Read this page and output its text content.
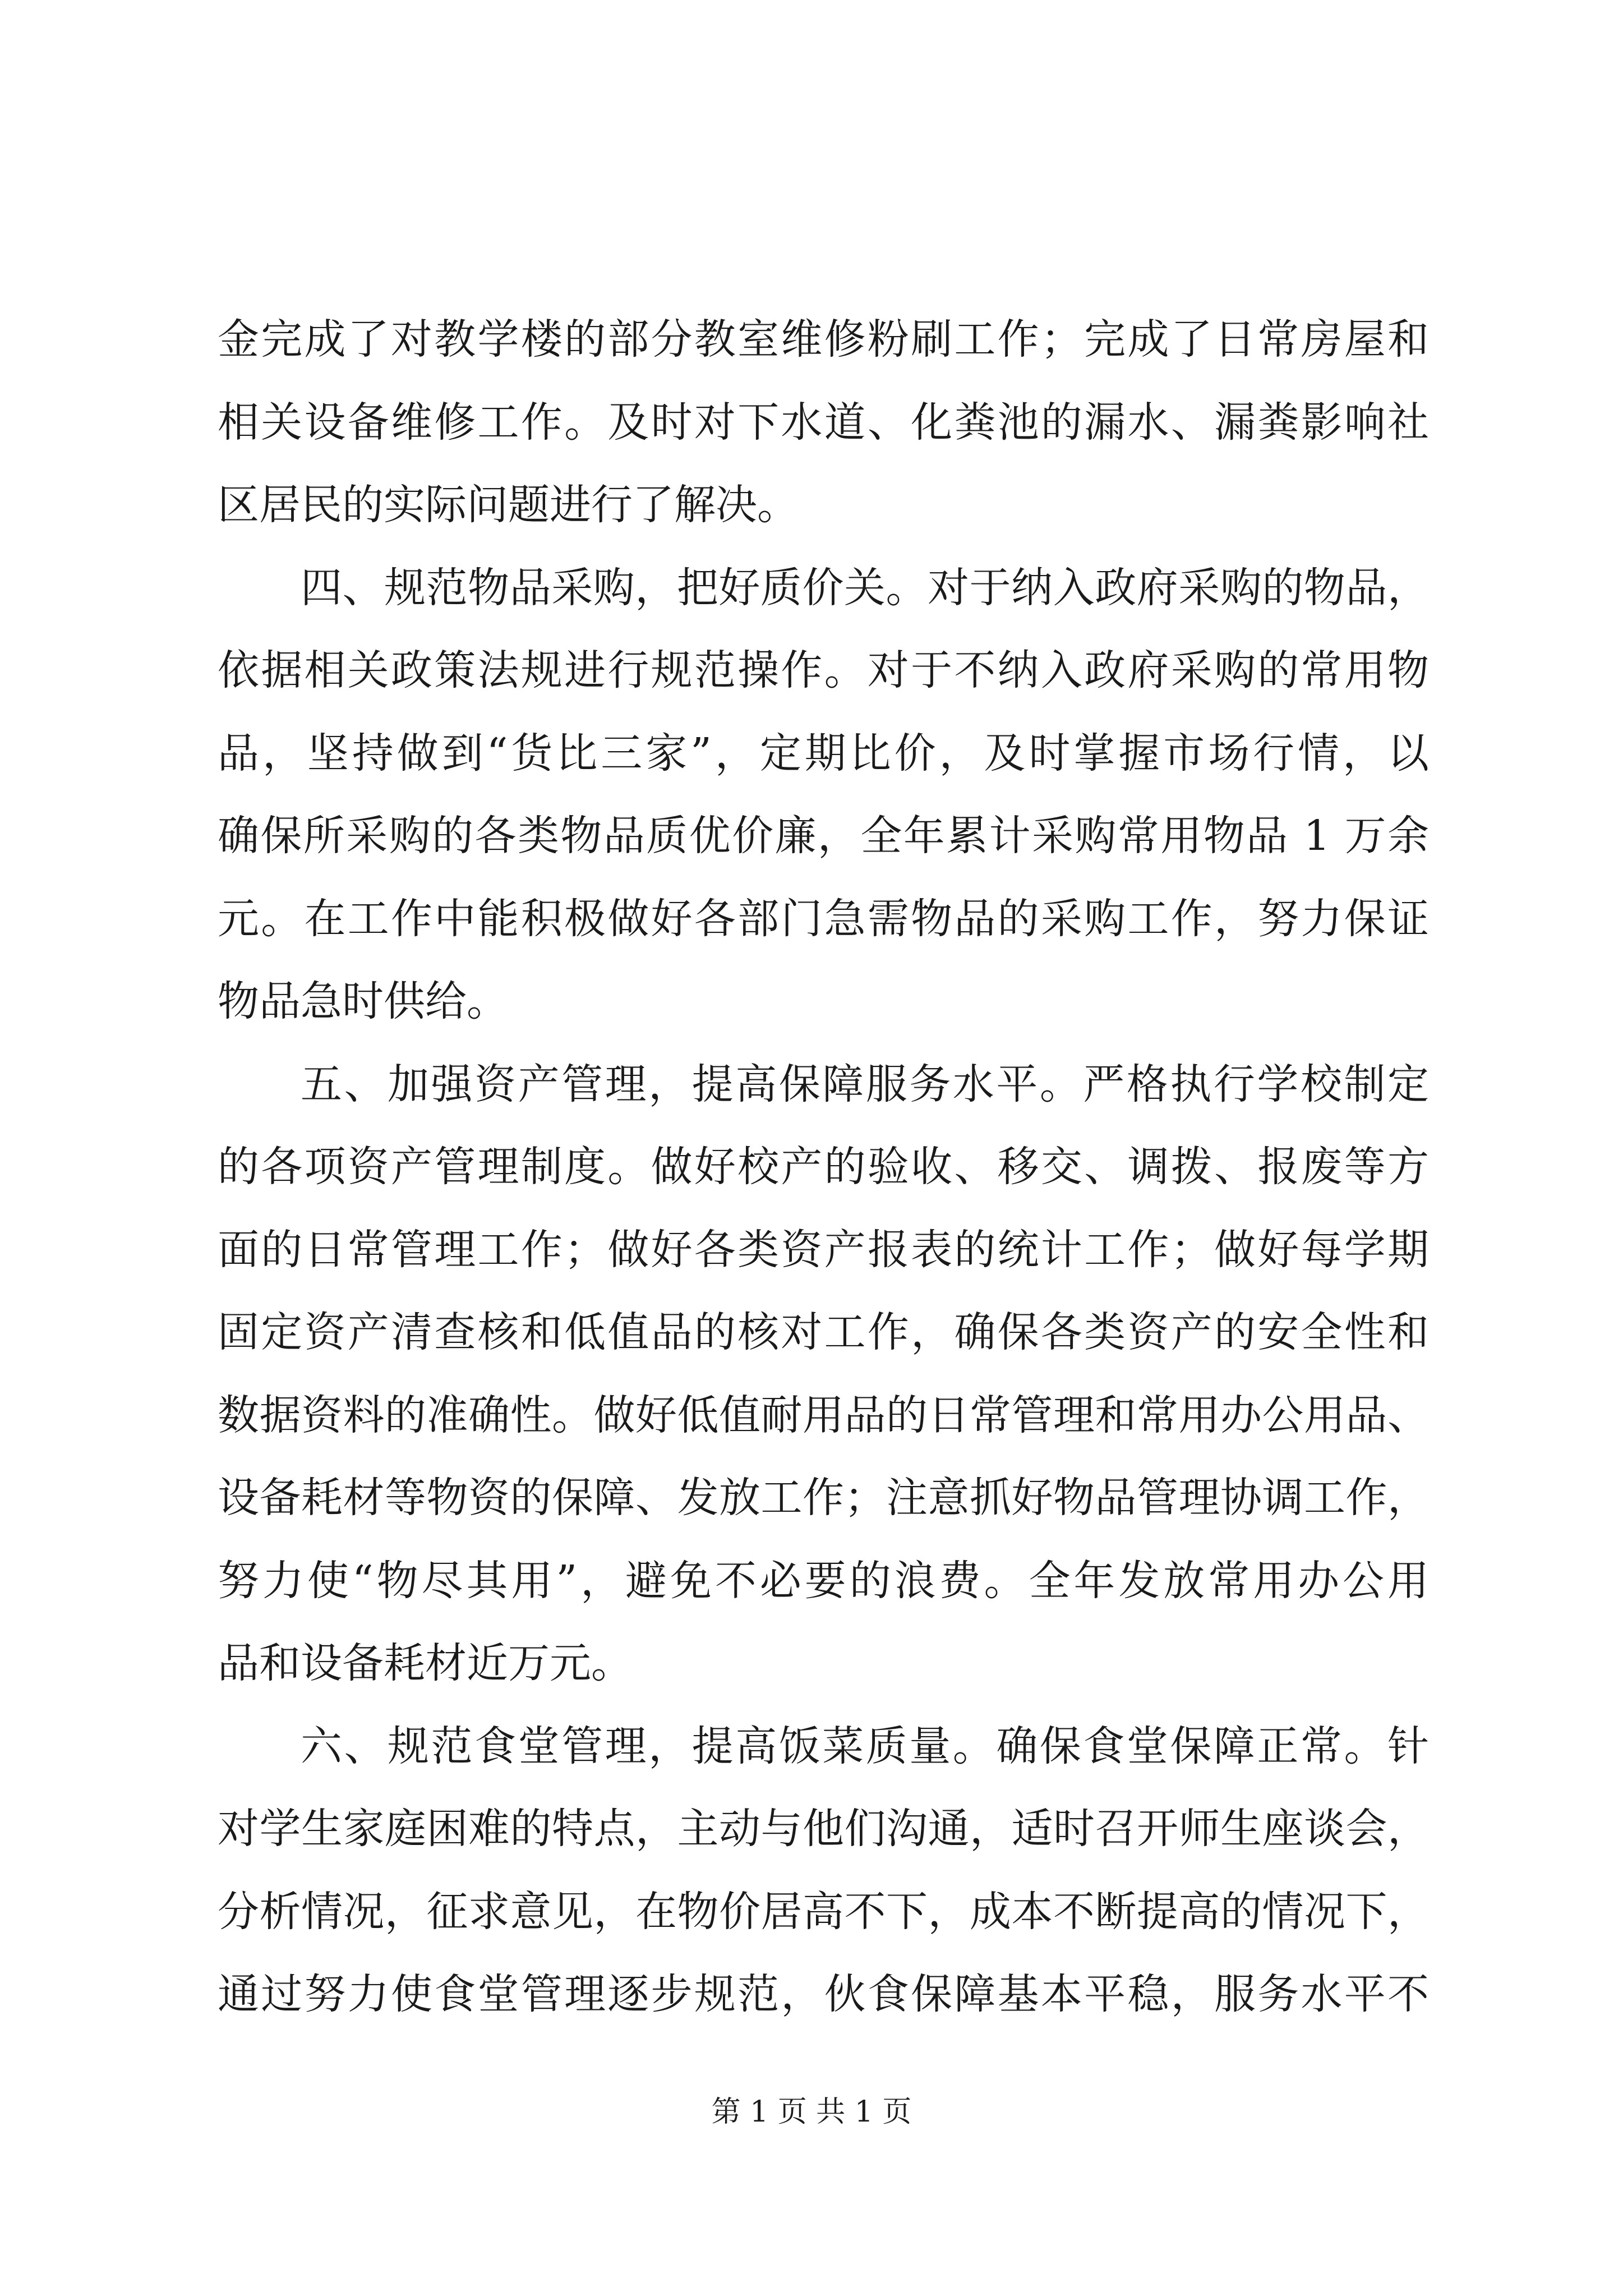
金完成了对教学楼的部分教室维修粉刷工作；完成了日常房屋和
相关设备维修工作。及时对下水道、化粪池的漏水、漏粪影响社
区居民的实际问题进行了解决。
四、规范物品采购，把好质价关。对于纳入政府采购的物品，
依据相关政策法规进行规范操作。对于不纳入政府采购的常用物
品，坚持做到“货比三家”，定期比价，及时掌握市场行情，以
确保所采购的各类物品质优价廉，全年累计采购常用物品 1 万余
元。在工作中能积极做好各部门急需物品的采购工作，努力保证
物品急时供给。
五、加强资产管理，提高保障服务水平。严格执行学校制定
的各项资产管理制度。做好校产的验收、移交、调拨、报废等方
面的日常管理工作；做好各类资产报表的统计工作；做好每学期
固定资产清查核和低值品的核对工作，确保各类资产的安全性和
数据资料的准确性。做好低值耐用品的日常管理和常用办公用品、
设备耗材等物资的保障、发放工作；注意抓好物品管理协调工作，
努力使“物尽其用”，避免不必要的浪费。全年发放常用办公用
品和设备耗材近万元。
六、规范食堂管理，提高饭菜质量。确保食堂保障正常。针
对学生家庭困难的特点，主动与他们沟通，适时召开师生座谈会，
分析情况，征求意见，在物价居高不下，成本不断提高的情况下，
通过努力使食堂管理逐步规范，伙食保障基本平稳，服务水平不
第 1 页 共 1 页
